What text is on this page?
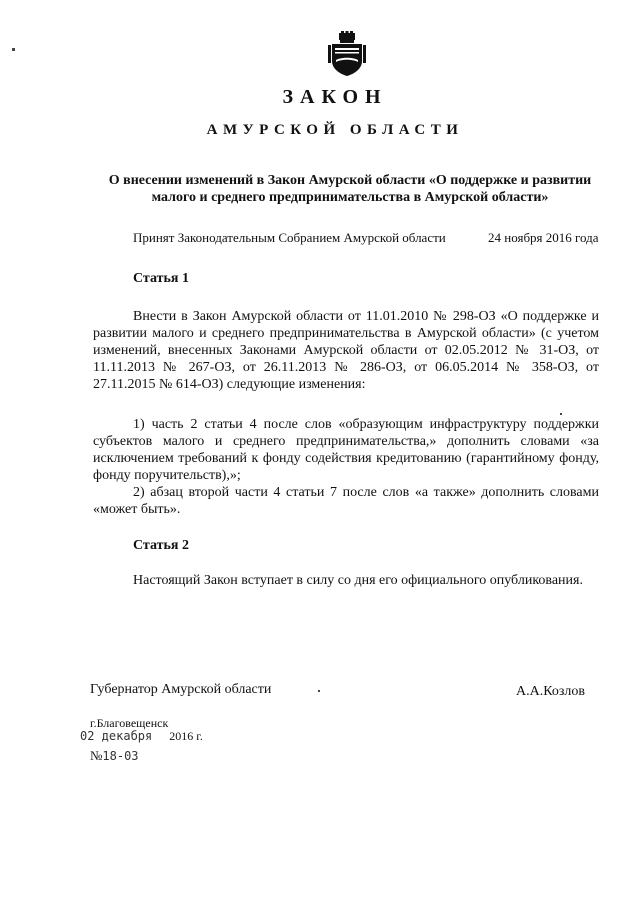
ЗАКОН
АМУРСКОЙ ОБЛАСТИ
О внесении изменений в Закон Амурской области «О поддержке и развитии малого и среднего предпринимательства в Амурской области»
Принят Законодательным Собранием Амурской области	24 ноября 2016 года
Статья 1
Внести в Закон Амурской области от 11.01.2010 № 298-ОЗ «О поддержке и развитии малого и среднего предпринимательства в Амурской области» (с учетом изменений, внесенных Законами Амурской области от 02.05.2012 № 31-ОЗ, от 11.11.2013 № 267-ОЗ, от 26.11.2013 № 286-ОЗ, от 06.05.2014 № 358-ОЗ, от 27.11.2015 № 614-ОЗ) следующие изменения:
1) часть 2 статьи 4 после слов «образующим инфраструктуру поддержки субъектов малого и среднего предпринимательства,» дополнить словами «за исключением требований к фонду содействия кредитованию (гарантийному фонду, фонду поручительств),»;
2) абзац второй части 4 статьи 7 после слов «а также» дополнить словами «может быть».
Статья 2
Настоящий Закон вступает в силу со дня его официального опубликования.
Губернатор Амурской области	А.А.Козлов
г.Благовещенск
02 декабря 2016 г.
№18-03
